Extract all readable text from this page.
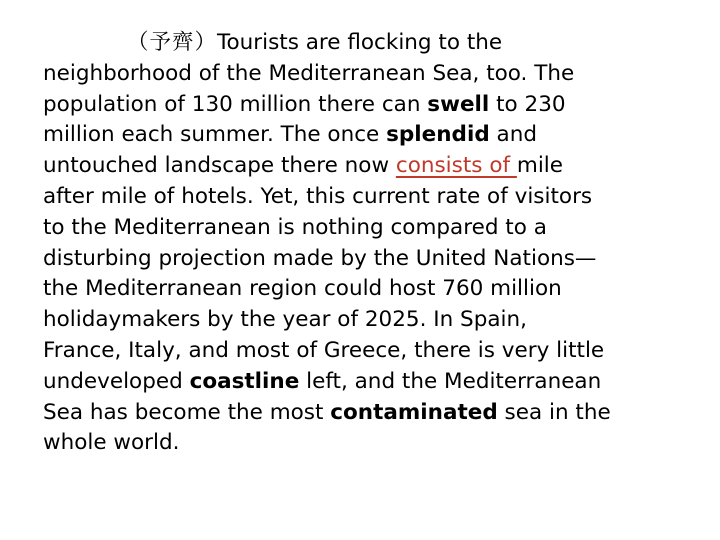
（予齊）Tourists are flocking to the
neighborhood of the Mediterranean Sea, too. The
population of 130 million there can swell to 230
million each summer. The once splendid and
untouched landscape there now consists of mile
after mile of hotels. Yet, this current rate of visitors
to the Mediterranean is nothing compared to a
disturbing projection made by the United Nations—
the Mediterranean region could host 760 million
holidaymakers by the year of 2025. In Spain,
France, Italy, and most of Greece, there is very little
undeveloped coastline left, and the Mediterranean
Sea has become the most contaminated sea in the
whole world.
